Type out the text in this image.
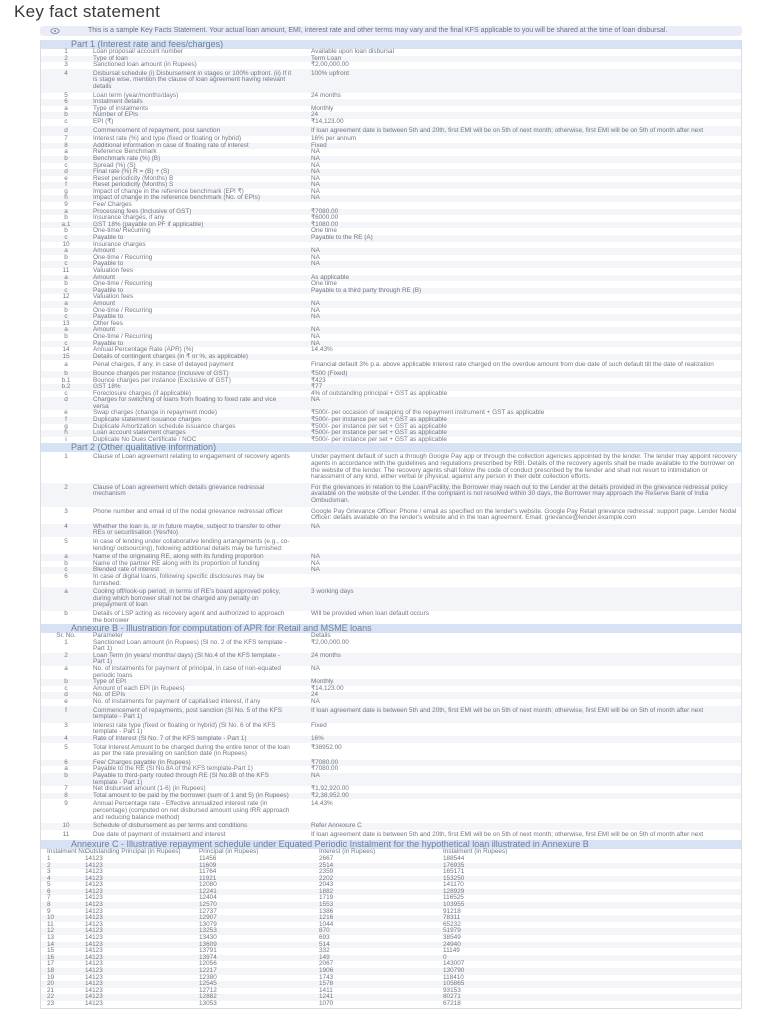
Key fact statement
This is a sample Key Facts Statement. Your actual loan amount, EMI, interest rate and other terms may vary and the final KFS applicable to you will be shared at the time of loan disbursal.
Part 1 (Interest rate and fees/charges)
1	Loan proposal/ account number		Available upon loan disbursal
2	Type of loan		Term Loan
3	Sanctioned loan amount (in Rupees)		₹2,00,000.00
4	Disbursal schedule (i) Disbursement in stages or 100% upfront. (ii) If it is stage wise, mention the clause of loan agreement having relevant details		100% upfront
5	Loan term (year/months/days)		24 months
6	Instalment details		
a	Type of instalments		Monthly
b	Number of EPIs		24
c	EPI (₹)		₹14,123.00
d	Commencement of repayment, post sanction		If loan agreement date is between 5th and 20th, first EMI will be on 5th of next month; otherwise, first EMI will be on 5th of month after next
7	Interest rate (%) and type (fixed or floating or hybrid)		16% per annum
8	Additional information in case of floating rate of interest		Fixed
a	Reference Benchmark		NA
b	Benchmark rate (%) (B)		NA
c	Spread (%) (S)		NA
d	Final rate (%) R = (B) + (S)		NA
e	Reset periodicity (Months) B		NA
f	Reset periodicity (Months) S		NA
g	Impact of change in the reference benchmark (EPI ₹)		NA
h	Impact of change in the reference benchmark (No. of EPIs)		NA
9	Fee/ Charges		
a	Processing fees (Inclusive of GST)		₹7080.00
b	Insurance charges, if any		₹6000.00
a.1	GST 18% (payable on PF if applicable)		₹1080.00
b	One-time/ Recurring		One time
c	Payable to		Payable to the RE (A)
10	Insurance charges		
a	Amount		NA
b	One-time / Recurring		NA
c	Payable to		NA
11	Valuation fees		
a	Amount		As applicable
b	One-time / Recurring		One time
c	Payable to		Payable to a third party through RE (B)
12	Valuation fees		
a	Amount		NA
b	One-time / Recurring		NA
c	Payable to		NA
13	Other fees		
a	Amount		NA
b	One-time / Recurring		NA
c	Payable to		NA
14	Annual Percentage Rate (APR) (%)		14.43%
15	Details of contingent charges (in ₹ or %, as applicable)		
a	Penal charges, if any, in case of delayed payment		Financial default 3% p.a. above applicable interest rate charged on the overdue amount from due date of such default till the date of realization
b	Bounce charges per instance (Inclusive of GST)		₹500 (Fixed)
b.1	Bounce charges per instance (Exclusive of GST)		₹423
b.2	GST 18%		₹77
c	Foreclosure charges (if applicable)		4% of outstanding principal + GST as applicable
d	Charges for switching of loans from floating to fixed rate and vice versa		NA
e	Swap charges (change in repayment mode)		₹500/- per occasion of swapping of the repayment instrument + GST as applicable
f	Duplicate statement issuance charges		₹500/- per instance per set + GST as applicable
g	Duplicate Amortization schedule issuance charges		₹500/- per instance per set + GST as applicable
h	Loan account statement charges		₹500/- per instance per set + GST as applicable
i	Duplicate No Dues Certificate / NOC		₹500/- per instance per set + GST as applicable
Part 2 (Other qualitative information)
1	Clause of Loan agreement relating to engagement of recovery agents		Under payment default of such a through Google Pay app or through the collection agencies appointed by the lender. The lender may appoint recovery agents in accordance with the guidelines and regulations prescribed by RBI. Details of the recovery agents shall be made available to the borrower on the website of the lender. The recovery agents shall follow the code of conduct prescribed by the lender and shall not resort to intimidation or harassment of any kind, either verbal or physical, against any person in their debt collection efforts.
2	Clause of Loan agreement which details grievance redressal mechanism		For the grievances in relation to the Loan/Facility, the Borrower may reach out to the Lender at the details provided in the grievance redressal policy available on the website of the Lender. If the complaint is not resolved within 30 days, the Borrower may approach the Reserve Bank of India Ombudsman.
3	Phone number and email id of the nodal grievance redressal officer		Google Pay Grievance Officer: Phone / email as specified on the lender's website. Google Pay Retail grievance redressal: support page. Lender Nodal Officer: details available on the lender's website and in the loan agreement. Email: grievance@lender.example.com
4	Whether the loan is, or in future maybe, subject to transfer to other REs or securitisation (Yes/No)		NA
5	In case of lending under collaborative lending arrangements (e.g., co-lending/ outsourcing), following additional details may be furnished:		
a	Name of the originating RE, along with its funding proportion		NA
b	Name of the partner RE along with its proportion of funding		NA
c	Blended rate of interest		NA
6	In case of digital loans, following specific disclosures may be furnished:		
a	Cooling off/look-up period, in terms of RE's board approved policy, during which borrower shall not be charged any penalty on prepayment of loan		3 working days
b	Details of LSP acting as recovery agent and authorized to approach the borrower		Will be provided when loan default occurs
Annexure B - Illustration for computation of APR for Retail and MSME loans
Sr. No.	Parameter		Details
1	Sanctioned Loan amount (in Rupees) (Sl no. 2 of the KFS template - Part 1)		₹2,00,000.00
2	Loan Term (in years/ months/ days) (Sl No.4 of the KFS template - Part 1)		24 months
a	No. of instalments for payment of principal, in case of non-equated periodic loans		NA
b	Type of EPI		Monthly
c	Amount of each EPI (in Rupees)		₹14,123.00
d	No. of EPIs		24
e	No. of instalments for payment of capitalised interest, if any		NA
f	Commencement of repayments, post sanction (Sl No. 5 of the KFS template - Part 1)		If loan agreement date is between 5th and 20th, first EMI will be on 5th of next month; otherwise, first EMI will be on 5th of month after next
3	Interest rate type (fixed or floating or hybrid) (Sl No. 6 of the KFS template - Part 1)		Fixed
4	Rate of Interest (Sl No. 7 of the KFS template - Part 1)		16%
5	Total Interest Amount to be charged during the entire tenor of the loan as per the rate prevailing on sanction date (in Rupees)		₹38952.00
6	Fee/ Charges payable (in Rupees)		₹7080.00
a	Payable to the RE (Sl No.8A of the KFS template-Part 1)		₹7080.00
b	Payable to third-party routed through RE (Sl No.8B of the KFS template - Part 1)		NA
7	Net disbursed amount (1-6) (in Rupees)		₹1,92,920.00
8	Total amount to be paid by the borrower (sum of 1 and 5) (in Rupees)		₹2,38,952.00
9	Annual Percentage rate - Effective annualized interest rate (in percentage) (computed on net disbursed amount using IRR approach and reducing balance method)		14.43%
10	Schedule of disbursement as per terms and conditions		Refer Annexure C
11	Due date of payment of instalment and interest		If loan agreement date is between 5th and 20th, first EMI will be on 5th of next month; otherwise, first EMI will be on 5th of month after next
Annexure C - Illustrative repayment schedule under Equated Periodic Instalment for the hypothetical loan illustrated in Annexure B
Instalment No.	Outstanding Principal (in Rupees)	Principal (in Rupees)	Interest (in Rupees)	Instalment (in Rupees)
1	14123	11456	2667	188544
2	14123	11609	2514	176935
3	14123	11764	2359	165171
4	14123	11921	2202	153250
5	14123	12080	2043	141170
6	14123	12241	1882	128929
7	14123	12404	1719	116525
8	14123	12570	1553	103955
9	14123	12737	1386	91218
10	14123	12907	1216	78311
11	14123	13079	1044	65232
12	14123	13253	870	51979
13	14123	13430	693	38549
14	14123	13609	514	24940
15	14123	13791	332	11149
16	14123	13974	149	0
17	14123	12056	2067	143007
18	14123	12217	1906	130790
19	14123	12380	1743	118410
20	14123	12545	1578	105865
21	14123	12712	1411	93153
22	14123	12882	1241	80271
23	14123	13053	1070	67218
